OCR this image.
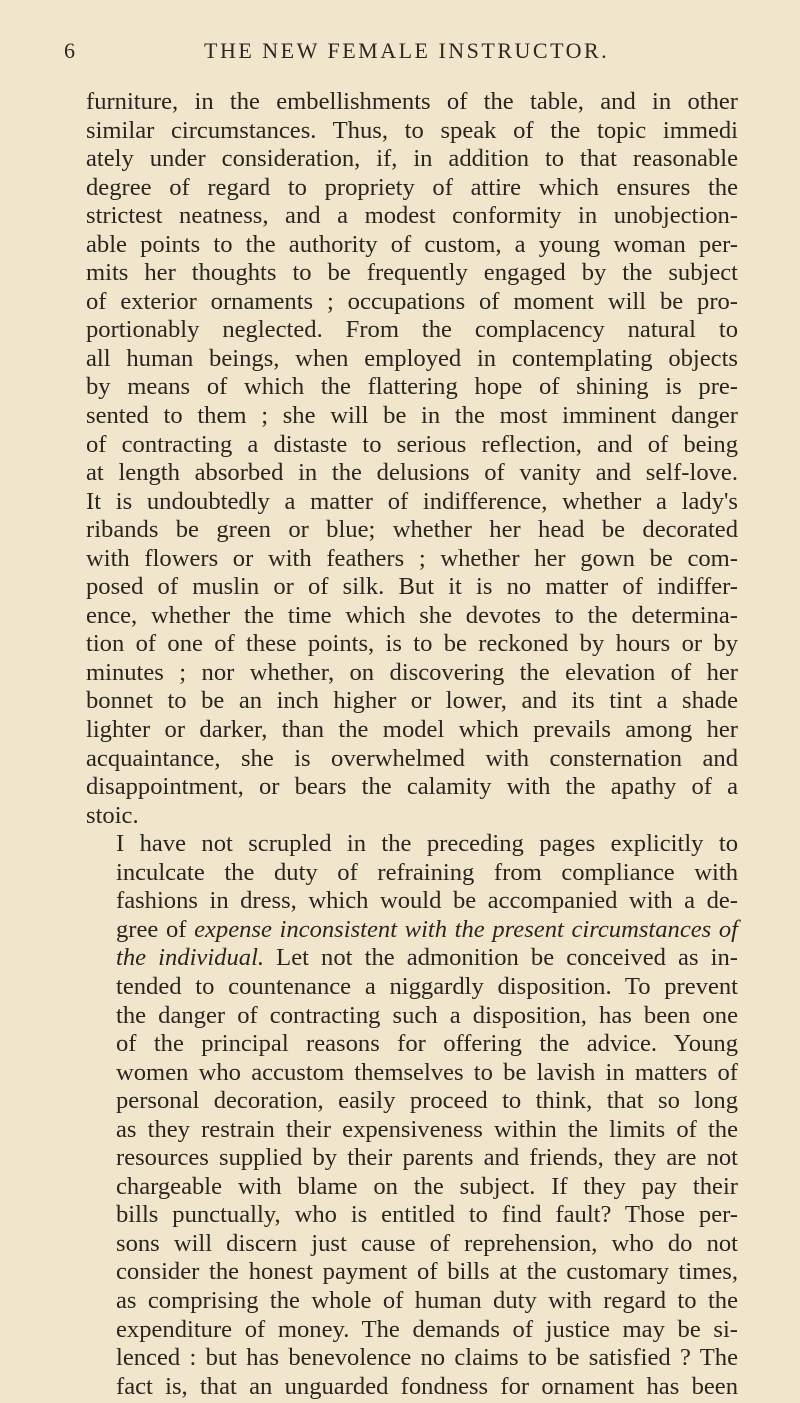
6	THE NEW FEMALE INSTRUCTOR.

furniture, in the embellishments of the table, and in other
similar circumstances. Thus, to speak of the topic immedi
ately under consideration, if, in addition to that reasonable
degree of regard to propriety of attire which ensures the
strictest neatness, and a modest conformity in unobjection-
able points to the authority of custom, a young woman per-
mits her thoughts to be frequently engaged by the subject
of exterior ornaments ; occupations of moment will be pro-
portionably neglected. From the complacency natural to
all human beings, when employed in contemplating objects
by means of which the flattering hope of shining is pre-
sented to them ; she will be in the most imminent danger
of contracting a distaste to serious reflection, and of being
at length absorbed in the delusions of vanity and self-love.
It is undoubtedly a matter of indifference, whether a lady's
ribands be green or blue; whether her head be decorated
with flowers or with feathers ; whether her gown be com-
posed of muslin or of silk. But it is no matter of indiffer-
ence, whether the time which she devotes to the determina-
tion of one of these points, is to be reckoned by hours or by
minutes ; nor whether, on discovering the elevation of her
bonnet to be an inch higher or lower, and its tint a shade
lighter or darker, than the model which prevails among her
acquaintance, she is overwhelmed with consternation and
disappointment, or bears the calamity with the apathy of a
stoic.

I have not scrupled in the preceding pages explicitly to
inculcate the duty of refraining from compliance with
fashions in dress, which would be accompanied with a de-
gree of expense inconsistent with the present circumstances of
the individual. Let not the admonition be conceived as in-
tended to countenance a niggardly disposition. To prevent
the danger of contracting such a disposition, has been one
of the principal reasons for offering the advice. Young
women who accustom themselves to be lavish in matters of
personal decoration, easily proceed to think, that so long
as they restrain their expensiveness within the limits of the
resources supplied by their parents and friends, they are not
chargeable with blame on the subject. If they pay their
bills punctually, who is entitled to find fault? Those per-
sons will discern just cause of reprehension, who do not
consider the honest payment of bills at the customary times,
as comprising the whole of human duty with regard to the
expenditure of money. The demands of justice may be si-
lenced : but has benevolence no claims to be satisfied ? The
fact is, that an unguarded fondness for ornament has been
